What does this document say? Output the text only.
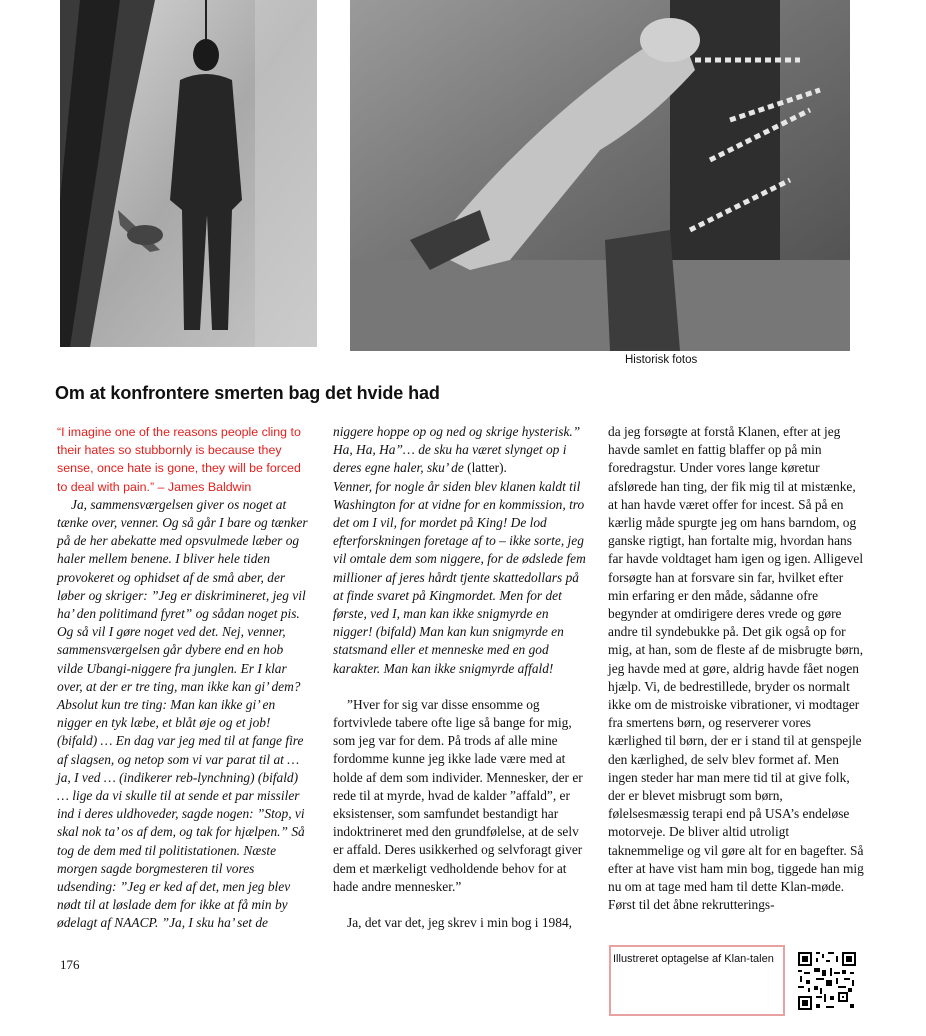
Historisk fotos
Om at konfrontere smerten bag det hvide had

“I imagine one of the reasons people cling to their hates so stubbornly is because they sense, once hate is gone, they will be forced to deal with pain.” – James Baldwin

Ja, sammensværgelsen giver os noget at tænke over, venner. Og så går I bare og tænker på de her abekatte med opsvulmede læber og haler mellem benene. I bliver hele tiden provokeret og ophidset af de små aber, der løber og skriger: ”Jeg er diskrimineret, jeg vil ha’ den politimand fyret” og sådan noget pis. Og så vil I gøre noget ved det. Nej, venner, sammensværgelsen går dybere end en hob vilde Ubangi-niggere fra junglen. Er I klar over, at der er tre ting, man ikke kan gi’ dem? Absolut kun tre ting: Man kan ikke gi’ en nigger en tyk læbe, et blåt øje og et job! (bifald) … En dag var jeg med til at fange fire af slagsen, og netop som vi var parat til at … ja, I ved … (indikerer reb-lynchning) (bifald) … lige da vi skulle til at sende et par missiler ind i deres uldhoveder, sagde nogen: ”Stop, vi skal nok ta’ os af dem, og tak for hjælpen.” Så tog de dem med til politistationen. Næste morgen sagde borgmesteren til vores udsending: ”Jeg er ked af det, men jeg blev nødt til at løslade dem for ikke at få min by ødelagt af NAACP. ”Ja, I sku ha’ set de

niggere hoppe op og ned og skrige hysterisk.” Ha, Ha, Ha”… de sku ha været slynget op i deres egne haler, sku’ de (latter).

Venner, for nogle år siden blev klanen kaldt til Washington for at vidne for en kommission, tro det om I vil, for mordet på King! De lod efterforskningen foretage af to – ikke sorte, jeg vil omtale dem som niggere, for de ødslede fem millioner af jeres hårdt tjente skattedollars på at finde svaret på Kingmordet. Men for det første, ved I, man kan ikke snigmyrde en nigger! (bifald) Man kan kun snigmyrde en statsmand eller et menneske med en god karakter. Man kan ikke snigmyrde affald!

”Hver for sig var disse ensomme og fortvivlede tabere ofte lige så bange for mig, som jeg var for dem. På trods af alle mine fordomme kunne jeg ikke lade være med at holde af dem som individer. Mennesker, der er rede til at myrde, hvad de kalder ”affald”, er eksistenser, som samfundet bestandigt har indoktrineret med den grundfølelse, at de selv er affald. Deres usikkerhed og selvforagt giver dem et mærkeligt vedholdende behov for at hade andre mennesker.”

Ja, det var det, jeg skrev i min bog i 1984,

da jeg forsøgte at forstå Klanen, efter at jeg havde samlet en fattig blaffer op på min foredragstur. Under vores lange køretur afslørede han ting, der fik mig til at mistænke, at han havde været offer for incest. Så på en kærlig måde spurgte jeg om hans barndom, og ganske rigtigt, han fortalte mig, hvordan hans far havde voldtaget ham igen og igen. Alligevel forsøgte han at forsvare sin far, hvilket efter min erfaring er den måde, sådanne ofre begynder at omdirigere deres vrede og gøre andre til syndebukke på. Det gik også op for mig, at han, som de fleste af de misbrugte børn, jeg havde med at gøre, aldrig havde fået nogen hjælp. Vi, de bedrestillede, bryder os normalt ikke om de mistroiske vibrationer, vi modtager fra smertens børn, og reserverer vores kærlighed til børn, der er i stand til at genspejle den kærlighed, de selv blev formet af. Men ingen steder har man mere tid til at give folk, der er blevet misbrugt som børn, følelsesmæssig terapi end på USA’s endeløse motorveje. De bliver altid utroligt taknemmelige og vil gøre alt for en bagefter. Så efter at have vist ham min bog, tiggede han mig nu om at tage med ham til dette Klan-møde. Først til det åbne rekrutterings-

176	Illustreret optagelse af Klan-talen
